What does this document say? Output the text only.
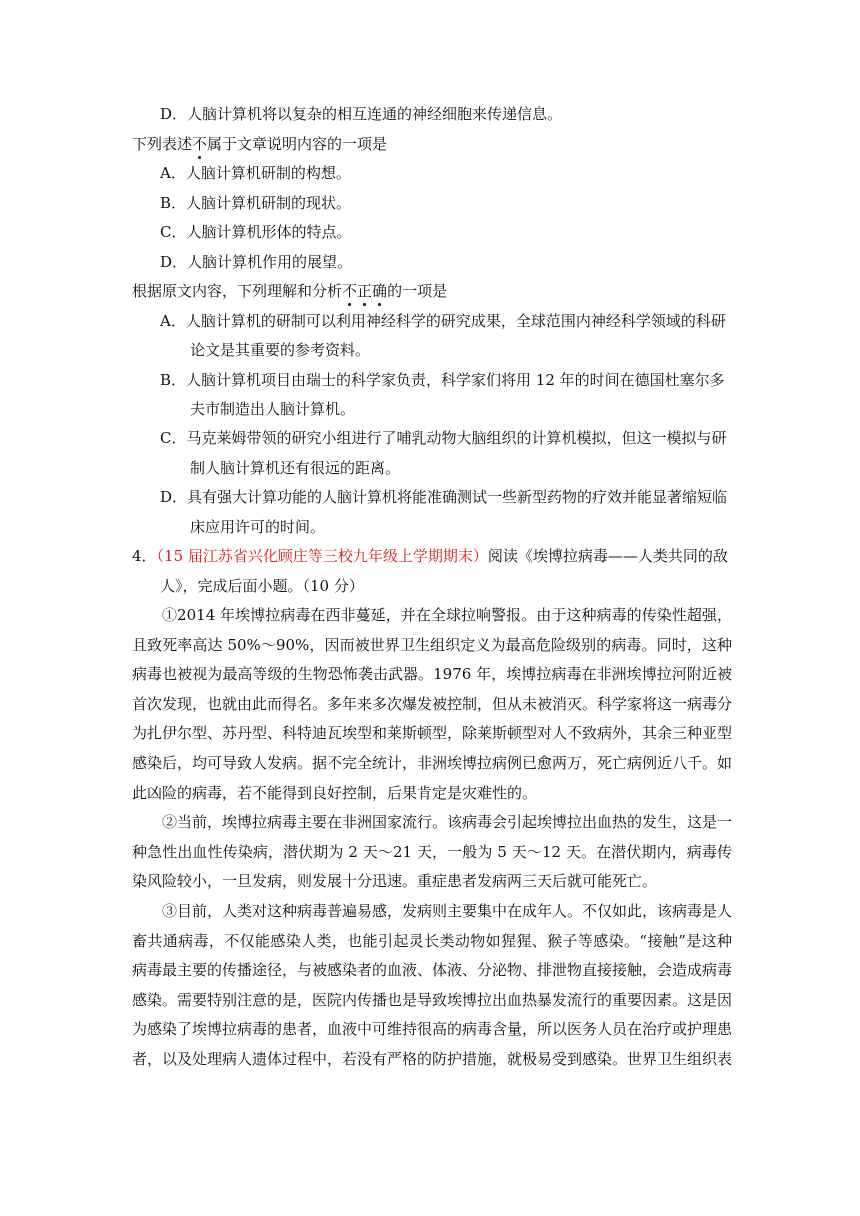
D．人脑计算机将以复杂的相互连通的神经细胞来传递信息。
下列表述不属于文章说明内容的一项是
A．人脑计算机研制的构想。
B．人脑计算机研制的现状。
C．人脑计算机形体的特点。
D．人脑计算机作用的展望。
根据原文内容，下列理解和分析不正确的一项是
A．人脑计算机的研制可以利用神经科学的研究成果，全球范围内神经科学领域的科研
论文是其重要的参考资料。
B．人脑计算机项目由瑞士的科学家负责，科学家们将用 12 年的时间在德国杜塞尔多
夫市制造出人脑计算机。
C．马克莱姆带领的研究小组进行了哺乳动物大脑组织的计算机模拟，但这一模拟与研
制人脑计算机还有很远的距离。
D．具有强大计算功能的人脑计算机将能准确测试一些新型药物的疗效并能显著缩短临
床应用许可的时间。
4．（15 届江苏省兴化顾庄等三校九年级上学期期末）阅读《埃博拉病毒——人类共同的敌
人》，完成后面小题。（10 分）

①2014 年埃博拉病毒在西非蔓延，并在全球拉响警报。由于这种病毒的传染性超强，且致死率高达 50%～90%，因而被世界卫生组织定义为最高危险级别的病毒。同时，这种病毒也被视为最高等级的生物恐怖袭击武器。1976 年，埃博拉病毒在非洲埃博拉河附近被首次发现，也就由此而得名。多年来多次爆发被控制，但从未被消灭。科学家将这一病毒分为扎伊尔型、苏丹型、科特迪瓦埃型和莱斯顿型，除莱斯顿型对人不致病外，其余三种亚型感染后，均可导致人发病。据不完全统计，非洲埃博拉病例已愈两万，死亡病例近八千。如此凶险的病毒，若不能得到良好控制，后果肯定是灾难性的。

②当前，埃博拉病毒主要在非洲国家流行。该病毒会引起埃博拉出血热的发生，这是一种急性出血性传染病，潜伏期为 2 天～21 天，一般为 5 天～12 天。在潜伏期内，病毒传染风险较小，一旦发病，则发展十分迅速。重症患者发病两三天后就可能死亡。

③目前，人类对这种病毒普遍易感，发病则主要集中在成年人。不仅如此，该病毒是人畜共通病毒，不仅能感染人类，也能引起灵长类动物如猩猩、猴子等感染。“接触”是这种病毒最主要的传播途径，与被感染者的血液、体液、分泌物、排泄物直接接触，会造成病毒感染。需要特别注意的是，医院内传播也是导致埃博拉出血热暴发流行的重要因素。这是因为感染了埃博拉病毒的患者，血液中可维持很高的病毒含量，所以医务人员在治疗或护理患者，以及处理病人遗体过程中，若没有严格的防护措施，就极易受到感染。世界卫生组织表
